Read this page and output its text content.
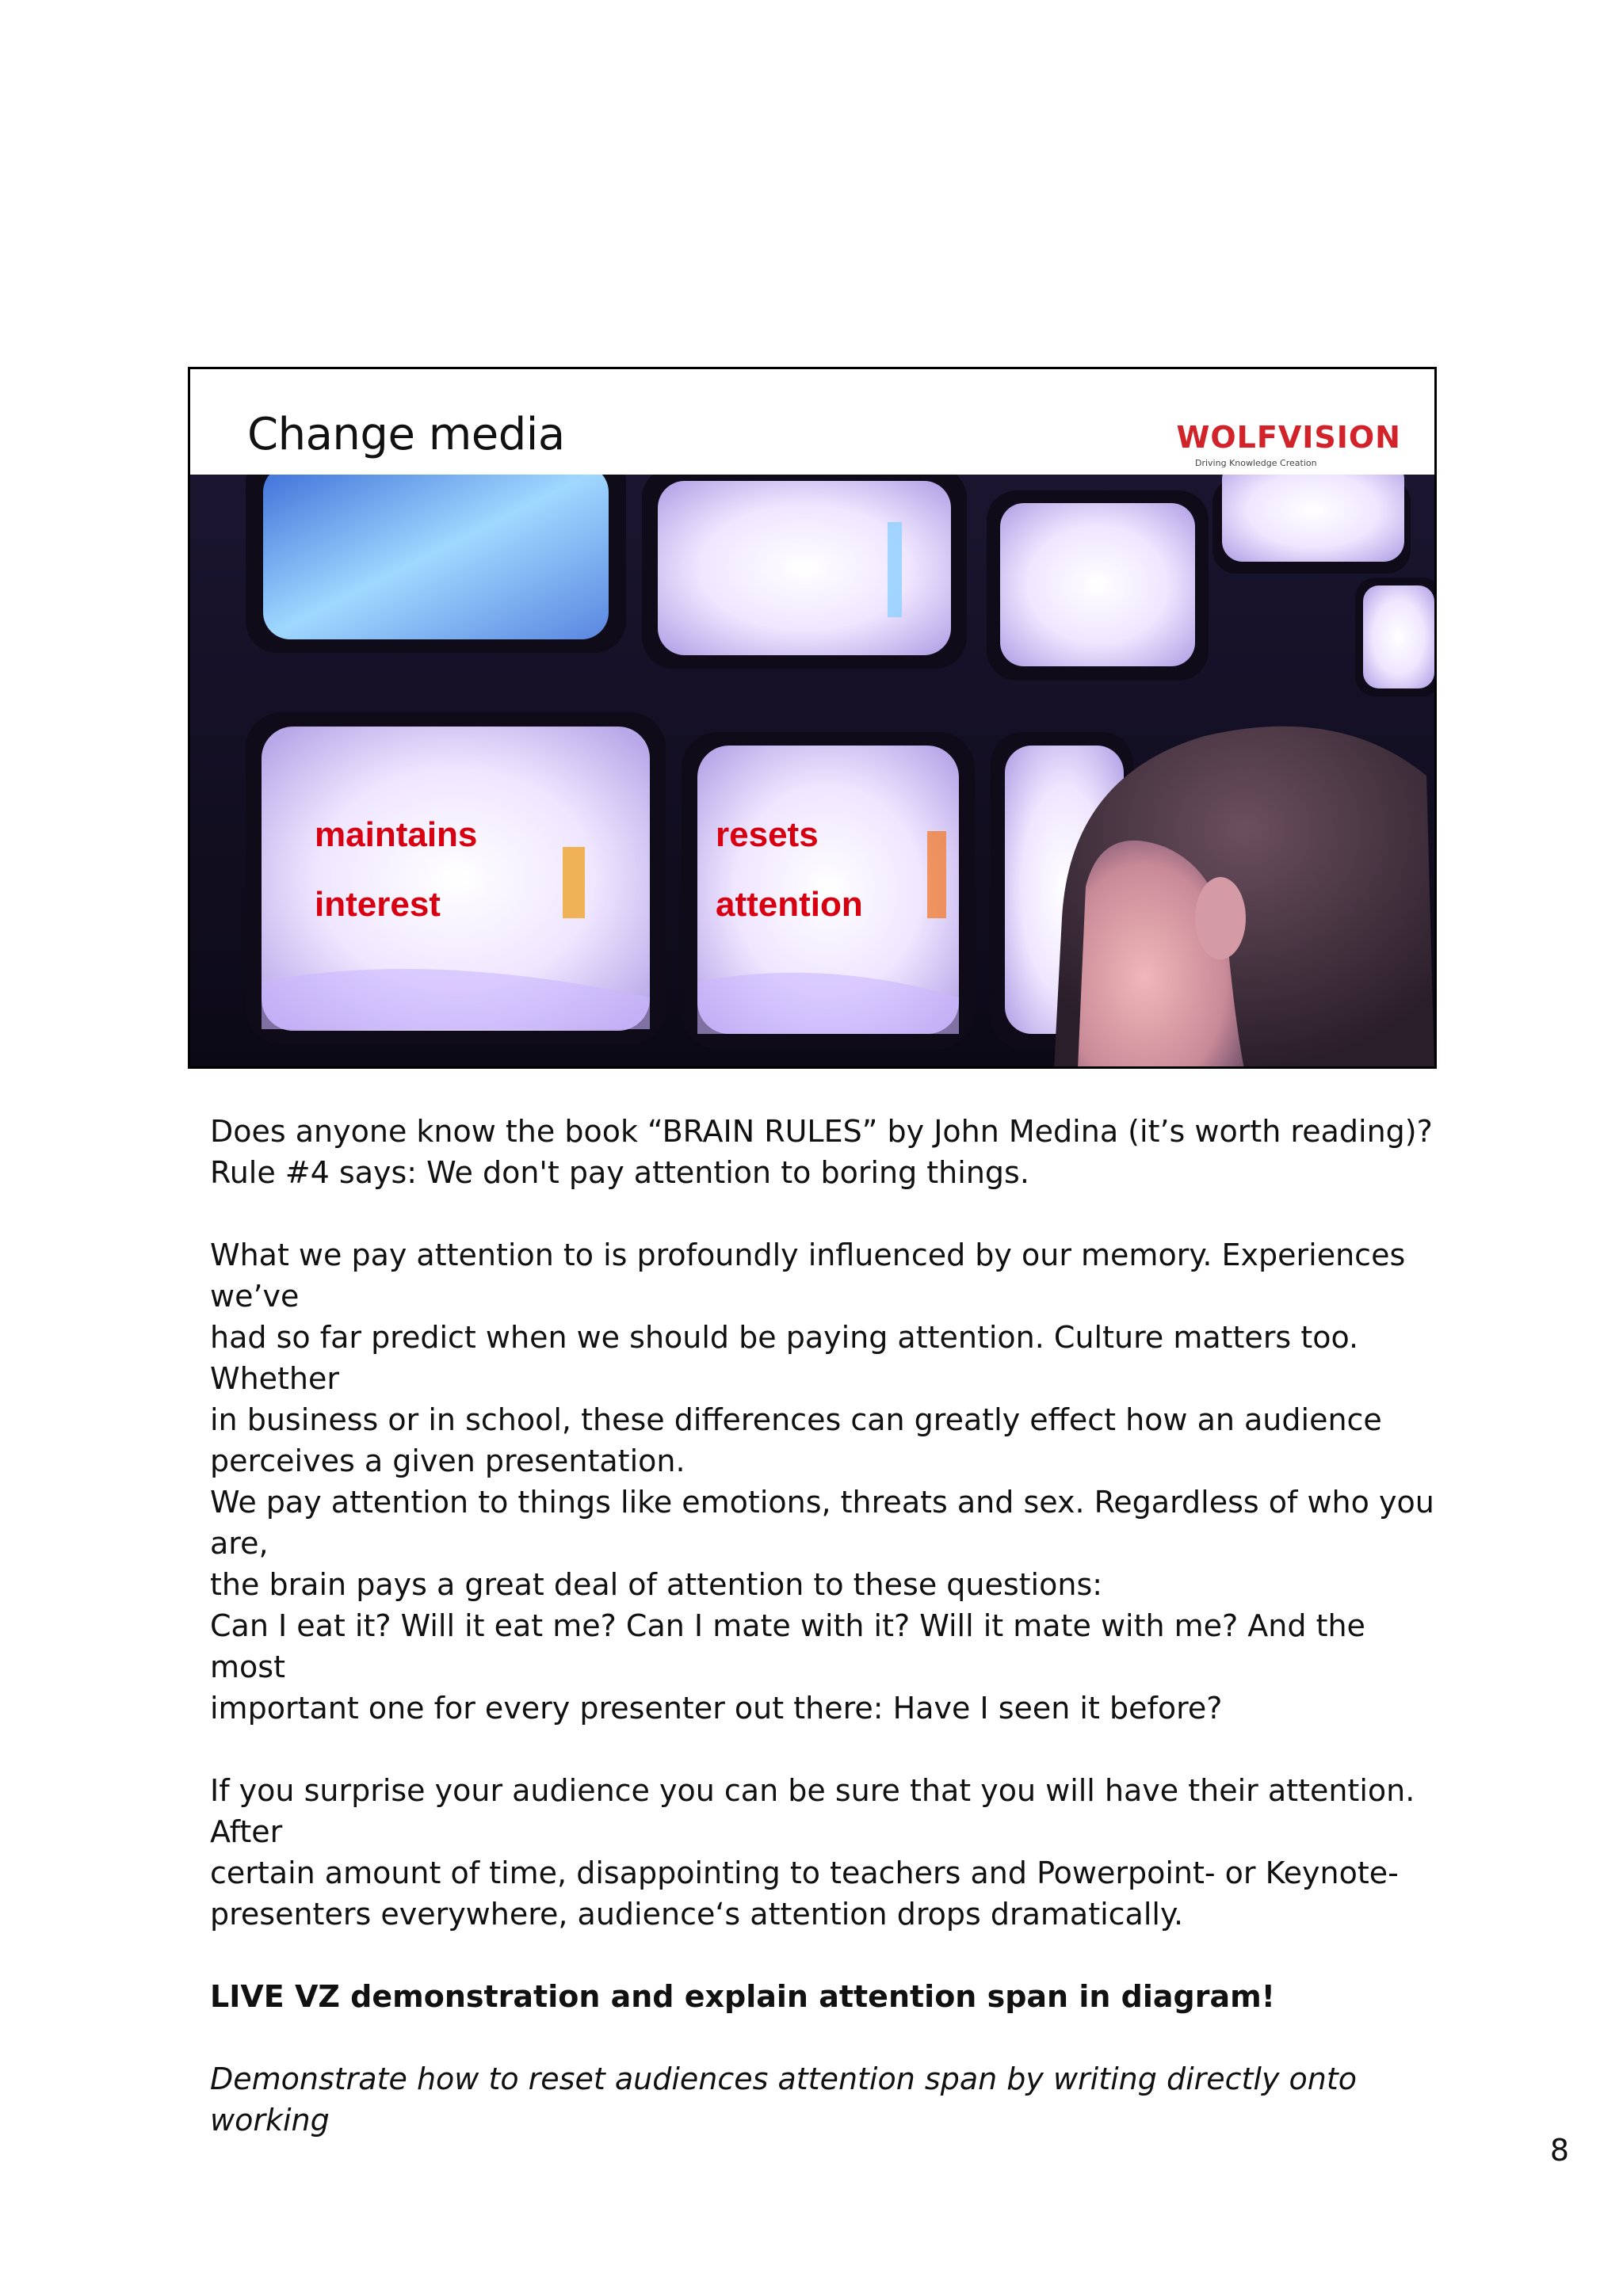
Change media	WOLFVISION
Driving Knowledge Creation
maintains
interest
resets
attention

Does anyone know the book “BRAIN RULES” by John Medina (it’s worth reading)?

Rule #4 says: We don't pay attention to boring things.

What we pay attention to is profoundly influenced by our memory. Experiences we’ve

had so far predict when we should be paying attention. Culture matters too. Whether

in business or in school, these differences can greatly effect how an audience

perceives a given presentation.

We pay attention to things like emotions, threats and sex. Regardless of who you are,

the brain pays a great deal of attention to these questions:

Can I eat it? Will it eat me? Can I mate with it? Will it mate with me? And the most

important one for every presenter out there: Have I seen it before?

If you surprise your audience you can be sure that you will have their attention. After

certain amount of time, disappointing to teachers and Powerpoint- or Keynote-

presenters everywhere, audience‘s attention drops dramatically.

LIVE VZ demonstration and explain attention span in diagram!

Demonstrate how to reset audiences attention span by writing directly onto working

8
